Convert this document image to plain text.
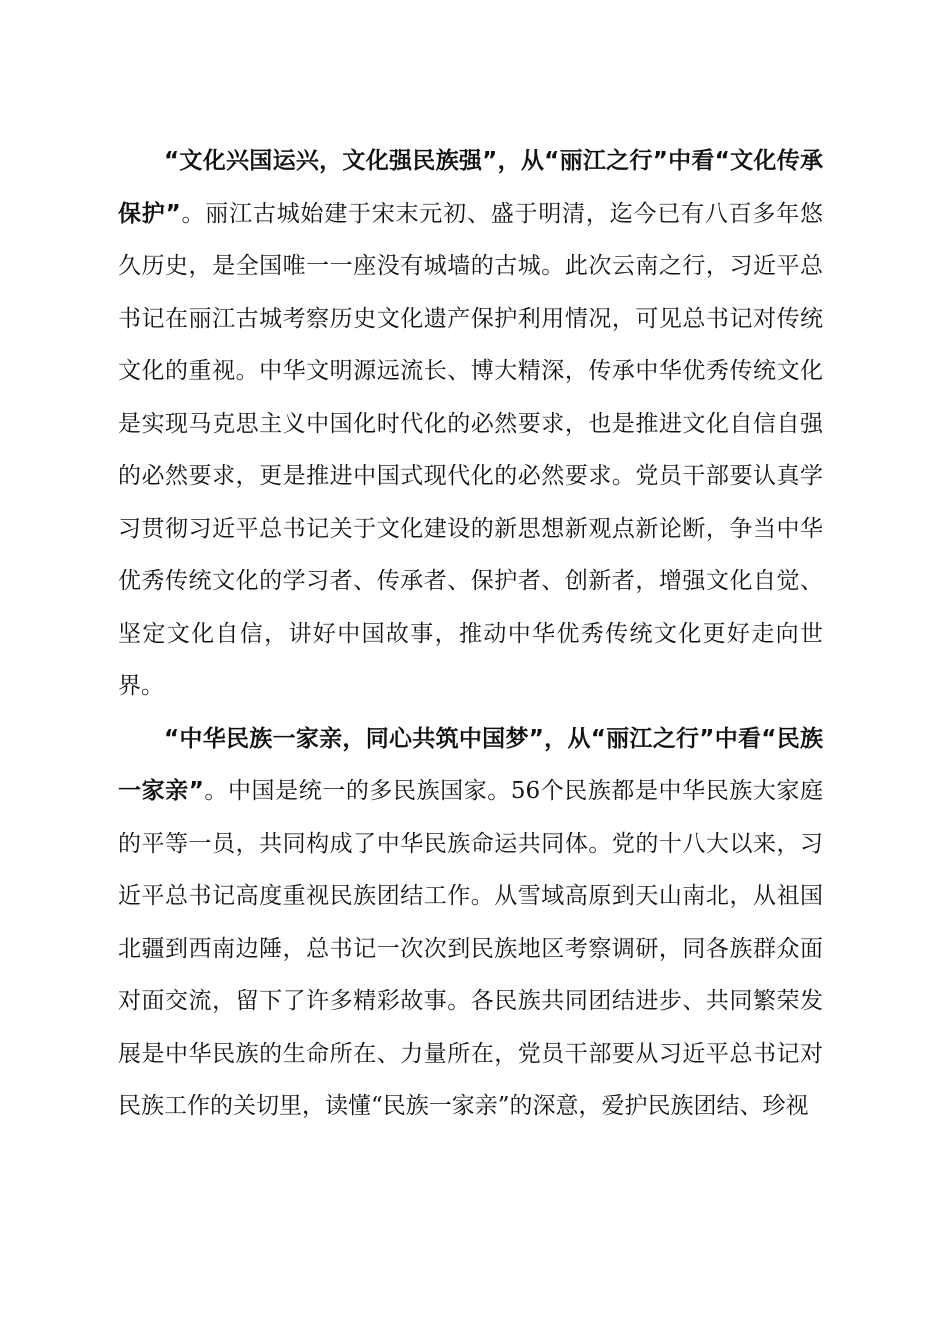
“文化兴国运兴，文化强民族强”，从“丽江之行”中看“文化传承保护”。丽江古城始建于宋末元初、盛于明清，迄今已有八百多年悠久历史，是全国唯一一座没有城墙的古城。此次云南之行，习近平总书记在丽江古城考察历史文化遗产保护利用情况，可见总书记对传统文化的重视。中华文明源远流长、博大精深，传承中华优秀传统文化是实现马克思主义中国化时代化的必然要求，也是推进文化自信自强的必然要求，更是推进中国式现代化的必然要求。党员干部要认真学习贯彻习近平总书记关于文化建设的新思想新观点新论断，争当中华优秀传统文化的学习者、传承者、保护者、创新者，增强文化自觉、坚定文化自信，讲好中国故事，推动中华优秀传统文化更好走向世界。

“中华民族一家亲，同心共筑中国梦”，从“丽江之行”中看“民族一家亲”。中国是统一的多民族国家。56个民族都是中华民族大家庭的平等一员，共同构成了中华民族命运共同体。党的十八大以来，习近平总书记高度重视民族团结工作。从雪域高原到天山南北，从祖国北疆到西南边陲，总书记一次次到民族地区考察调研，同各族群众面对面交流，留下了许多精彩故事。各民族共同团结进步、共同繁荣发展是中华民族的生命所在、力量所在，党员干部要从习近平总书记对民族工作的关切里，读懂“民族一家亲”的深意，爱护民族团结、珍视
